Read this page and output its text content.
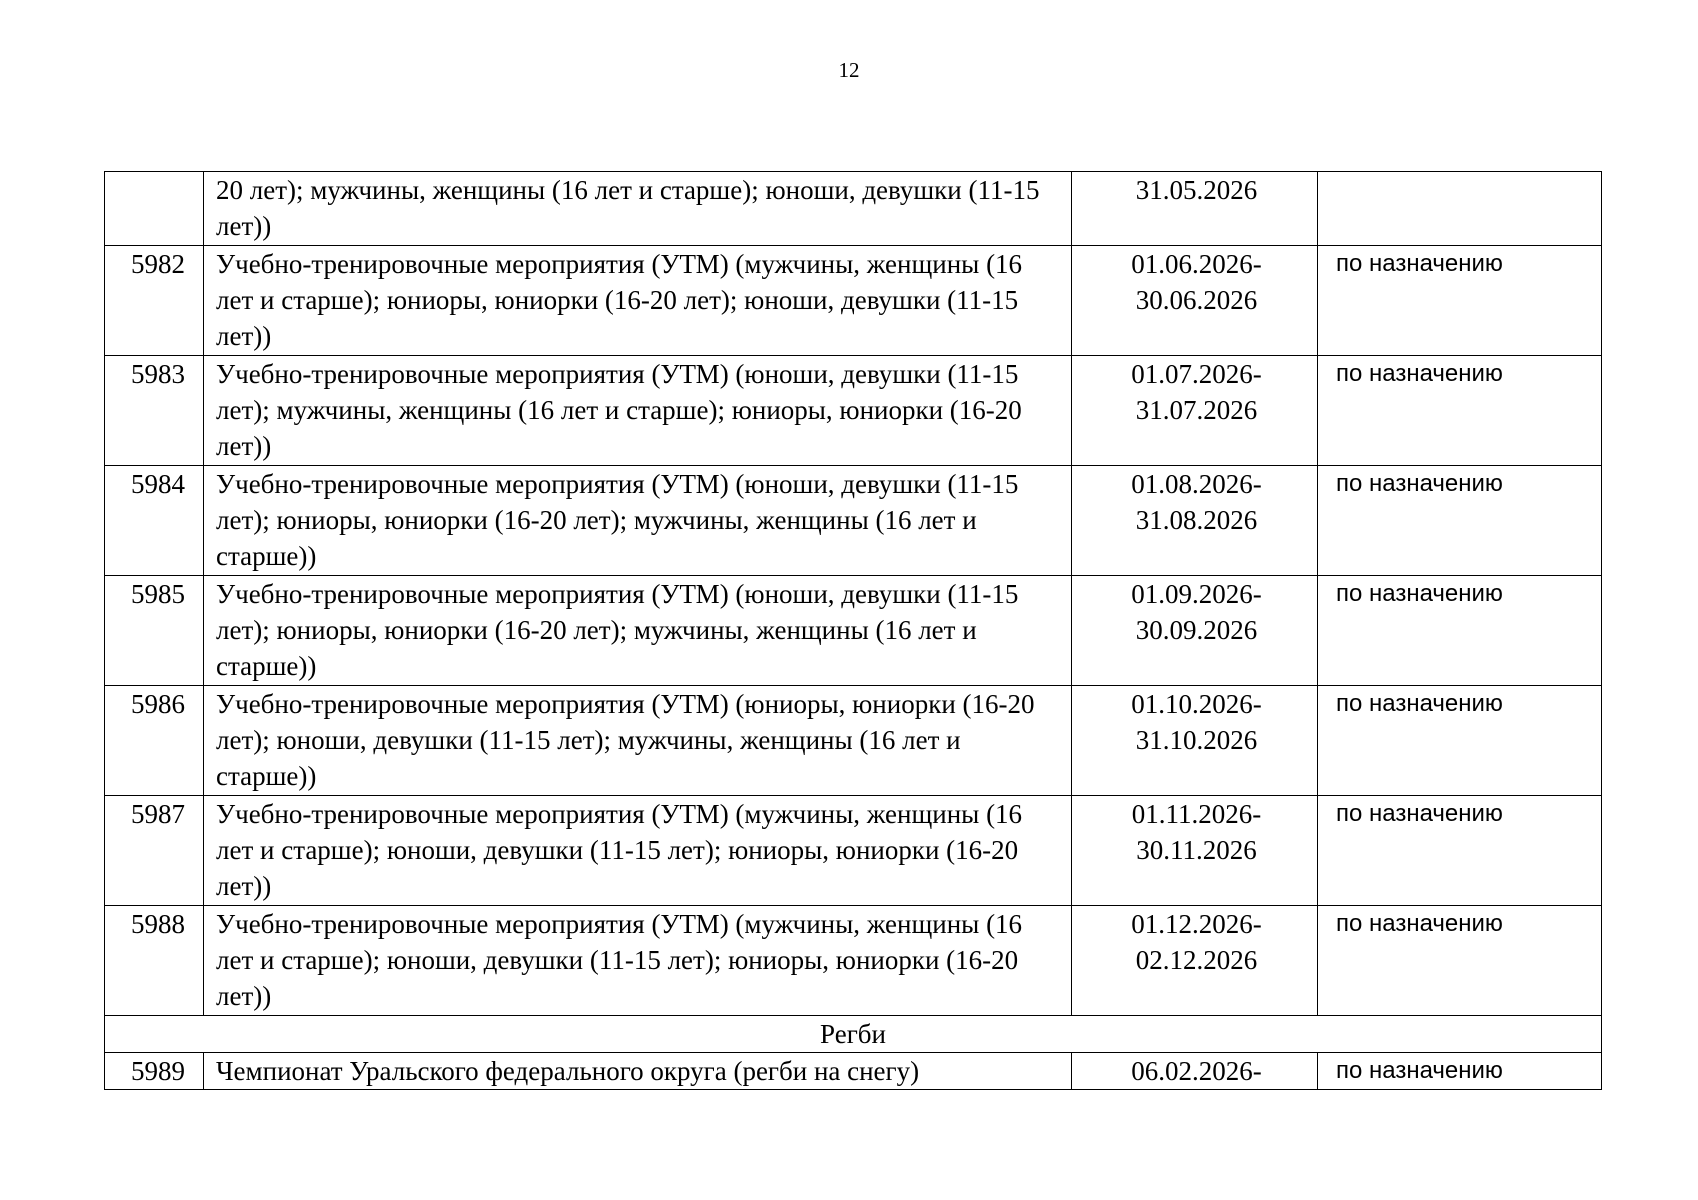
12
	20 лет); мужчины, женщины (16 лет и старше); юноши, девушки (11-15 лет))	31.05.2026	
5982	Учебно-тренировочные мероприятия (УТМ) (мужчины, женщины (16 лет и старше); юниоры, юниорки (16-20 лет); юноши, девушки (11-15 лет))	01.06.2026-30.06.2026	по назначению
5983	Учебно-тренировочные мероприятия (УТМ) (юноши, девушки (11-15 лет); мужчины, женщины (16 лет и старше); юниоры, юниорки (16-20 лет))	01.07.2026-31.07.2026	по назначению
5984	Учебно-тренировочные мероприятия (УТМ) (юноши, девушки (11-15 лет); юниоры, юниорки (16-20 лет); мужчины, женщины (16 лет и старше))	01.08.2026-31.08.2026	по назначению
5985	Учебно-тренировочные мероприятия (УТМ) (юноши, девушки (11-15 лет); юниоры, юниорки (16-20 лет); мужчины, женщины (16 лет и старше))	01.09.2026-30.09.2026	по назначению
5986	Учебно-тренировочные мероприятия (УТМ) (юниоры, юниорки (16-20 лет); юноши, девушки (11-15 лет); мужчины, женщины (16 лет и старше))	01.10.2026-31.10.2026	по назначению
5987	Учебно-тренировочные мероприятия (УТМ) (мужчины, женщины (16 лет и старше); юноши, девушки (11-15 лет); юниоры, юниорки (16-20 лет))	01.11.2026-30.11.2026	по назначению
5988	Учебно-тренировочные мероприятия (УТМ) (мужчины, женщины (16 лет и старше); юноши, девушки (11-15 лет); юниоры, юниорки (16-20 лет))	01.12.2026-02.12.2026	по назначению
Регби			
5989	Чемпионат Уральского федерального округа (регби на снегу)	06.02.2026-	по назначению
